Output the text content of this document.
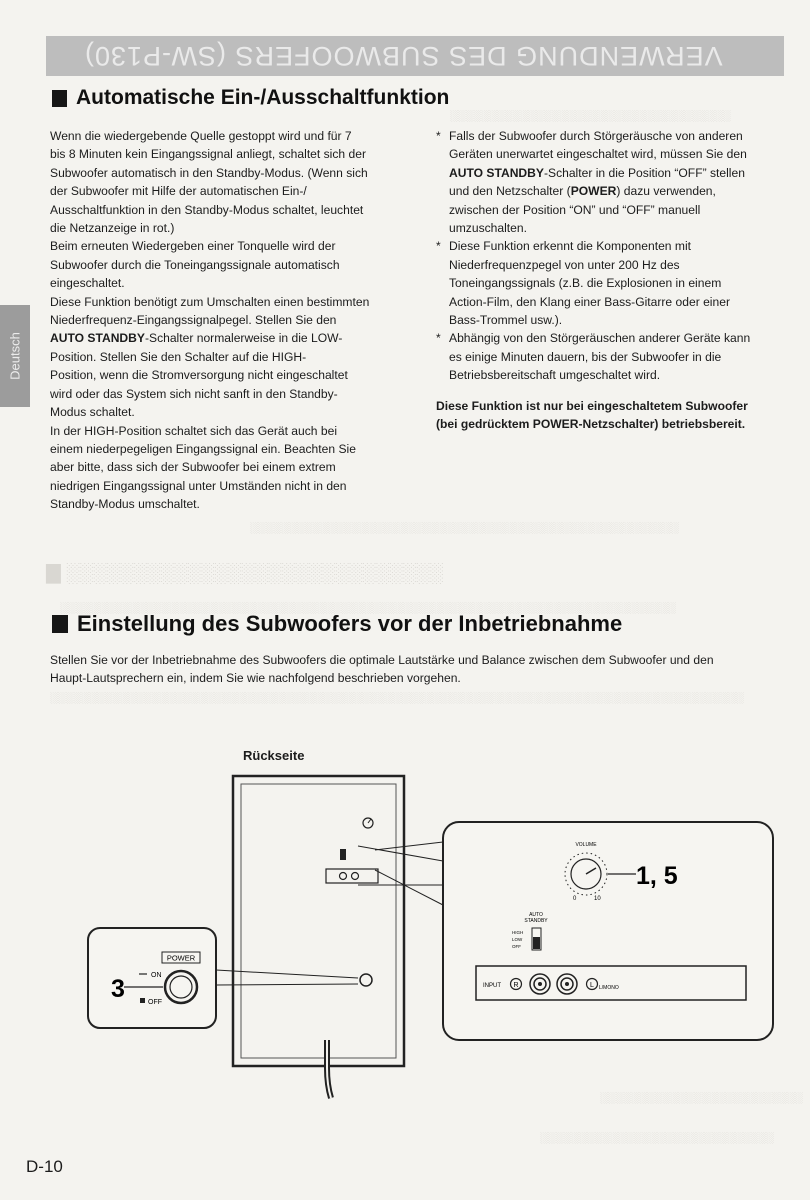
VERWENDUNG DES SUBWOOFERS (SW-P130)
░░░░░░░░░░░░░░░░░░░░░░░░░░░░░░░░░░░░
░░░░░░░░░░░░░░░░░░░░░░░░░░░░░░░░░░░░░░░░░░░░░░░░░░░░░░░
▇ ░░░░░░░░░░░░░░░░░░░░░░░░░░░░
░░░░░░░░░░░░░░░░░░░░░░░░░░░░░░░░░░░░░░░░░░░░░░░░░░░░░░░░░░░░░░░░░░░░░░░░░░░░░░░
░░░░░░░░░░░░░░░░░░░░░░░░░░░░░░░░░░░░░░░░░░░░░░░░░░░░░░░░░░░░░░░░░░░░░░░░░░░░░░░░░░░░░░░░░
░░░░░░░░░░░░░░░░░░░░░░░░░░
░░░░░░░░░░░░░░░░░░░░░░░░░░░░░░
Deutsch
Automatische Ein-/Ausschaltfunktion

Wenn die wiedergebende Quelle gestoppt wird und für 7

bis 8 Minuten kein Eingangssignal anliegt, schaltet sich der

Subwoofer automatisch in den Standby-Modus. (Wenn sich

der Subwoofer mit Hilfe der automatischen Ein-/

Ausschaltfunktion in den Standby-Modus schaltet, leuchtet

die Netzanzeige in rot.)

Beim erneuten Wiedergeben einer Tonquelle wird der

Subwoofer durch die Toneingangssignale automatisch

eingeschaltet.

Diese Funktion benötigt zum Umschalten einen bestimmten

Niederfrequenz-Eingangssignalpegel. Stellen Sie den

AUTO STANDBY-Schalter normalerweise in die LOW-

Position. Stellen Sie den Schalter auf die HIGH-

Position, wenn die Stromversorgung nicht eingeschaltet

wird oder das System sich nicht sanft in den Standby-

Modus schaltet.

In der HIGH-Position schaltet sich das Gerät auch bei

einem niederpegeligen Eingangssignal ein. Beachten Sie

aber bitte, dass sich der Subwoofer bei einem extrem

niedrigen Eingangssignal unter Umständen nicht in den

Standby-Modus umschaltet.

* Falls der Subwoofer durch Störgeräusche von anderen
Geräten unerwartet eingeschaltet wird, müssen Sie den
AUTO STANDBY-Schalter in die Position “OFF” stellen
und den Netzschalter (POWER) dazu verwenden,
zwischen der Position “ON” und “OFF” manuell
umzuschalten.
* Diese Funktion erkennt die Komponenten mit
Niederfrequenzpegel von unter 200 Hz des
Toneingangssignals (z.B. die Explosionen in einem
Action-Film, den Klang einer Bass-Gitarre oder einer
Bass-Trommel usw.).
* Abhängig von den Störgeräuschen anderer Geräte kann
es einige Minuten dauern, bis der Subwoofer in die
Betriebsbereitschaft umgeschaltet wird.
Diese Funktion ist nur bei eingeschaltetem Subwoofer
(bei gedrücktem POWER-Netzschalter) betriebsbereit.
Einstellung des Subwoofers vor der Inbetriebnahme
Stellen Sie vor der Inbetriebnahme des Subwoofers die optimale Lautstärke und Balance zwischen dem Subwoofer und den
Haupt-Lautsprechern ein, indem Sie wie nachfolgend beschrieben vorgehen.
Rückseite
VOLUME
0	10
1, 5
AUTO
STANDBY
HIGH
LOW
OFF
INPUT R	L L/MONO
POWER
ON
OFF
3
D-10
